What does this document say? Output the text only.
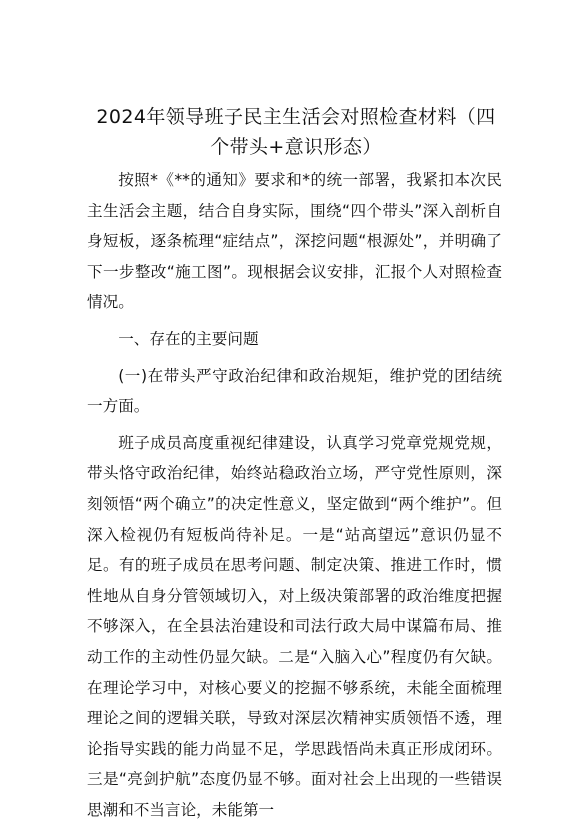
2024年领导班子民主生活会对照检查材料（四个带头+意识形态）

按照*《**的通知》要求和*的统一部署，我紧扣本次民主生活会主题，结合自身实际，围绕“四个带头”深入剖析自身短板，逐条梳理“症结点”，深挖问题“根源处”，并明确了下一步整改“施工图”。现根据会议安排，汇报个人对照检查情况。

一、存在的主要问题

(一)在带头严守政治纪律和政治规矩，维护党的团结统一方面。

班子成员高度重视纪律建设，认真学习党章党规党规，带头恪守政治纪律，始终站稳政治立场，严守党性原则，深刻领悟“两个确立”的决定性意义，坚定做到“两个维护”。但深入检视仍有短板尚待补足。一是“站高望远”意识仍显不足。有的班子成员在思考问题、制定决策、推进工作时，惯性地从自身分管领域切入，对上级决策部署的政治维度把握不够深入，在全县法治建设和司法行政大局中谋篇布局、推动工作的主动性仍显欠缺。二是“入脑入心”程度仍有欠缺。在理论学习中，对核心要义的挖掘不够系统，未能全面梳理理论之间的逻辑关联，导致对深层次精神实质领悟不透，理论指导实践的能力尚显不足，学思践悟尚未真正形成闭环。三是“亮剑护航”态度仍显不够。面对社会上出现的一些错误思潮和不当言论，未能第一
